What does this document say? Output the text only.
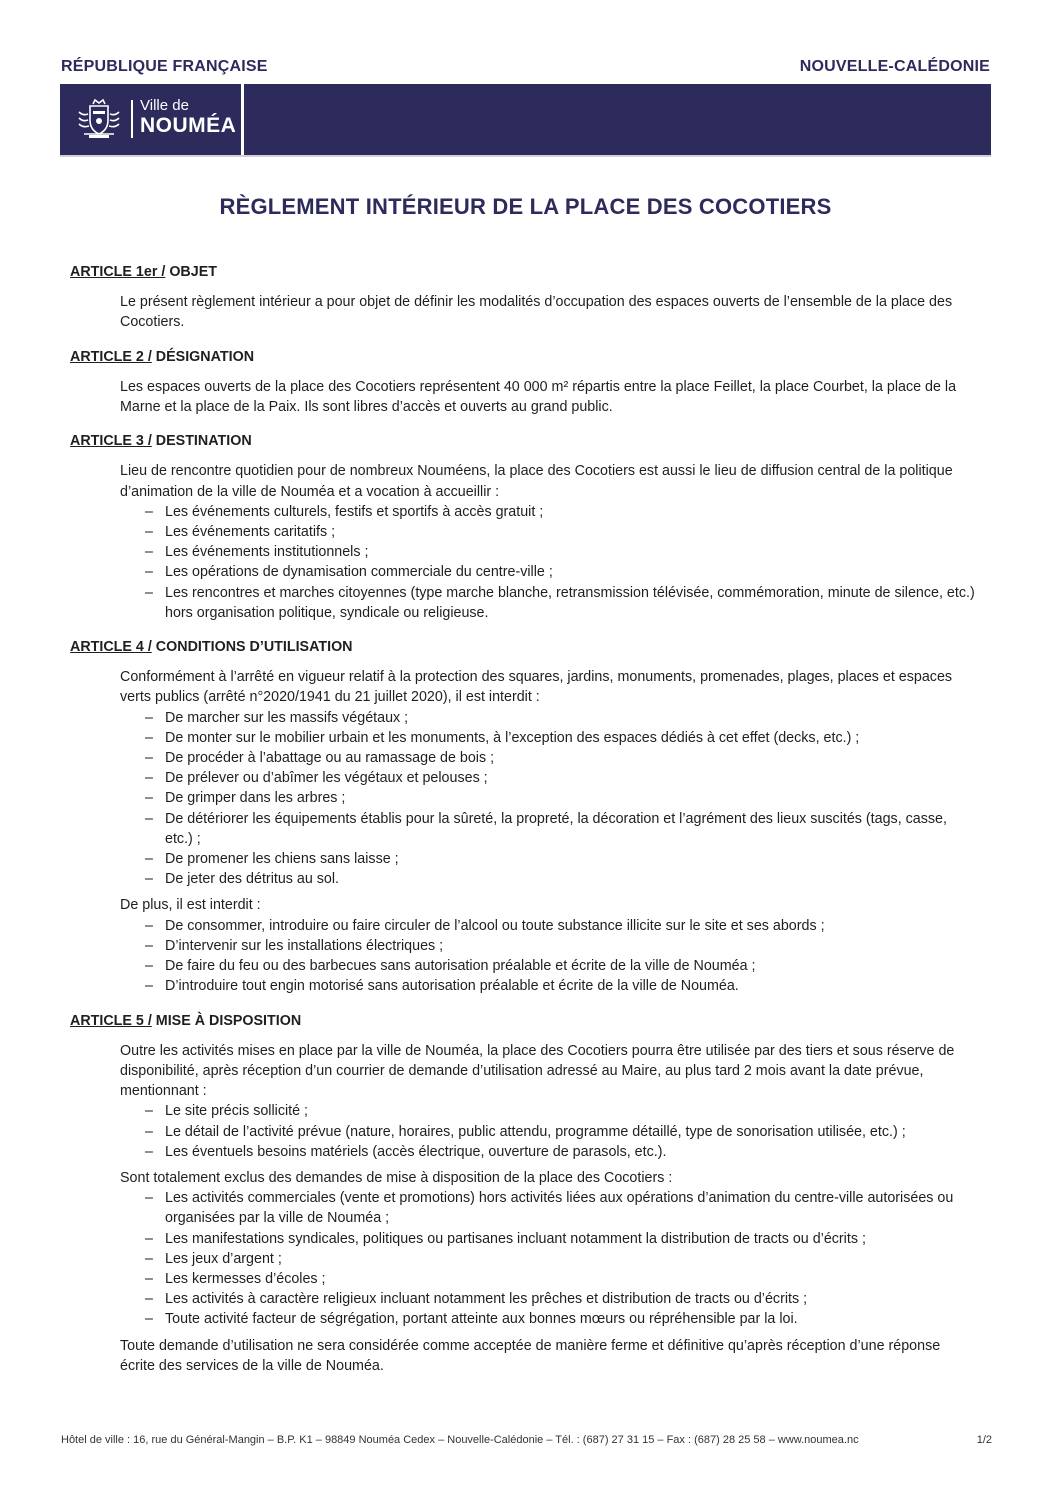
RÉPUBLIQUE FRANÇAISE	NOUVELLE-CALÉDONIE
Ville de
NOUMÉA
RÈGLEMENT INTÉRIEUR DE LA PLACE DES COCOTIERS

ARTICLE 1er / OBJET

Le présent règlement intérieur a pour objet de définir les modalités d’occupation des espaces ouverts de l’ensemble de la place des Cocotiers.

ARTICLE 2 / DÉSIGNATION

Les espaces ouverts de la place des Cocotiers représentent 40 000 m² répartis entre la place Feillet, la place Courbet, la place de la Marne et la place de la Paix. Ils sont libres d’accès et ouverts au grand public.

ARTICLE 3 / DESTINATION

Lieu de rencontre quotidien pour de nombreux Nouméens, la place des Cocotiers est aussi le lieu de diffusion central de la politique d’animation de la ville de Nouméa et a vocation à accueillir :

– Les événements culturels, festifs et sportifs à accès gratuit ;
– Les événements caritatifs ;
– Les événements institutionnels ;
– Les opérations de dynamisation commerciale du centre-ville ;
– Les rencontres et marches citoyennes (type marche blanche, retransmission télévisée, commémoration, minute de silence, etc.) hors organisation politique, syndicale ou religieuse.

ARTICLE 4 / CONDITIONS D’UTILISATION

Conformément à l’arrêté en vigueur relatif à la protection des squares, jardins, monuments, promenades, plages, places et espaces verts publics (arrêté n°2020/1941 du 21 juillet 2020), il est interdit :

– De marcher sur les massifs végétaux ;
– De monter sur le mobilier urbain et les monuments, à l’exception des espaces dédiés à cet effet (decks, etc.) ;
– De procéder à l’abattage ou au ramassage de bois ;
– De prélever ou d’abîmer les végétaux et pelouses ;
– De grimper dans les arbres ;
– De détériorer les équipements établis pour la sûreté, la propreté, la décoration et l’agrément des lieux suscités (tags, casse, etc.) ;
– De promener les chiens sans laisse ;
– De jeter des détritus au sol.

De plus, il est interdit :

– De consommer, introduire ou faire circuler de l’alcool ou toute substance illicite sur le site et ses abords ;
– D’intervenir sur les installations électriques ;
– De faire du feu ou des barbecues sans autorisation préalable et écrite de la ville de Nouméa ;
– D’introduire tout engin motorisé sans autorisation préalable et écrite de la ville de Nouméa.

ARTICLE 5 / MISE À DISPOSITION

Outre les activités mises en place par la ville de Nouméa, la place des Cocotiers pourra être utilisée par des tiers et sous réserve de disponibilité, après réception d’un courrier de demande d’utilisation adressé au Maire, au plus tard 2 mois avant la date prévue, mentionnant :

– Le site précis sollicité ;
– Le détail de l’activité prévue (nature, horaires, public attendu, programme détaillé, type de sonorisation utilisée, etc.) ;
– Les éventuels besoins matériels (accès électrique, ouverture de parasols, etc.).

Sont totalement exclus des demandes de mise à disposition de la place des Cocotiers :

– Les activités commerciales (vente et promotions) hors activités liées aux opérations d’animation du centre-ville autorisées ou organisées par la ville de Nouméa ;
– Les manifestations syndicales, politiques ou partisanes incluant notamment la distribution de tracts ou d’écrits ;
– Les jeux d’argent ;
– Les kermesses d’écoles ;
– Les activités à caractère religieux incluant notamment les prêches et distribution de tracts ou d’écrits ;
– Toute activité facteur de ségrégation, portant atteinte aux bonnes mœurs ou répréhensible par la loi.

Toute demande d’utilisation ne sera considérée comme acceptée de manière ferme et définitive qu’après réception d’une réponse écrite des services de la ville de Nouméa.

Hôtel de ville : 16, rue du Général-Mangin – B.P. K1 – 98849 Nouméa Cedex – Nouvelle-Calédonie – Tél. : (687) 27 31 15 – Fax : (687) 28 25 58 – www.noumea.nc	1/2
